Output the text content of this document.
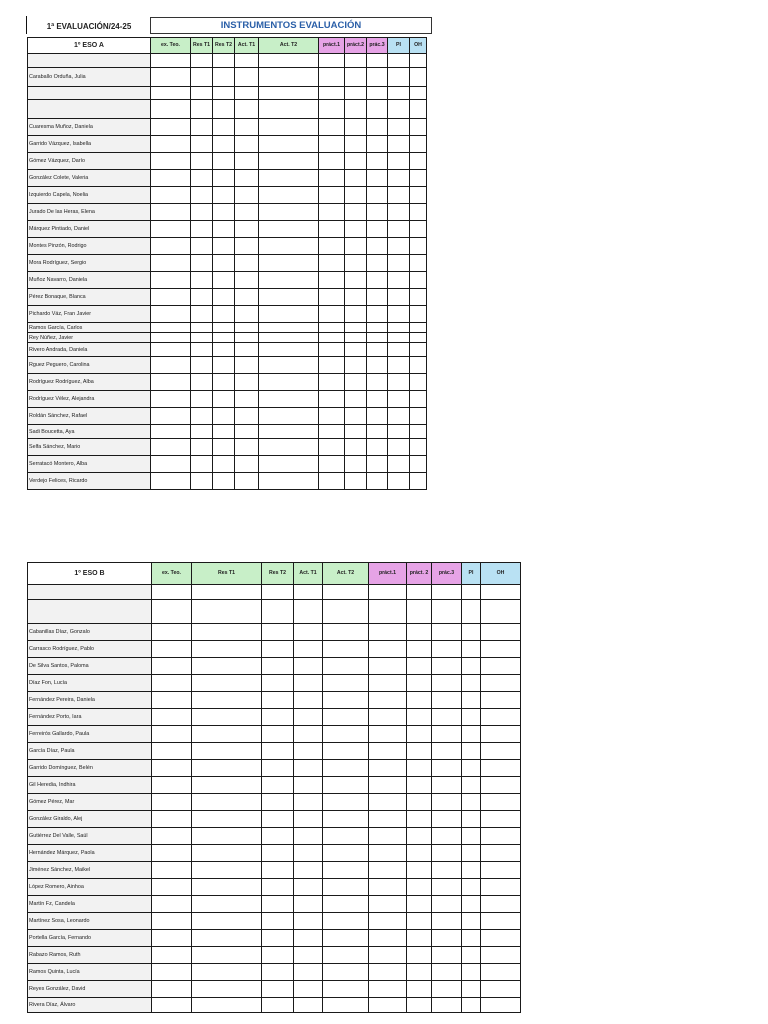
1ª EVALUACIÓN/24-25	INSTRUMENTOS EVALUACIÓN
1º ESO A	ex. Teo.	Res T1	Res T2	Act. T1	Act. T2	práct.1	práct.2	prác.3	PI	OH

Caraballo Orduña, Julia										

Cuaresma Muñoz, Daniela										
Garrido Vázquez, Isabella										
Gómez Vázquez, Darío										
González Colete, Valeria										
Izquierdo Capela, Noelia										
Jurado De las Heras, Elena										
Márquez Pintiado, Daniel										
Montes Pinzón, Rodrigo										
Mora Rodríguez, Sergio										
Muñoz Navarro, Daniela										
Pérez Bonaque, Blanca										
Pichardo Váz, Fran Javier										
Ramos García, Carlos										
Rey Núñez, Javier										
Rivero Andrada, Daniela										
Rguez Peguero, Carolina										
Rodríguez Rodríguez, Alba										
Rodríguez Vélez, Alejandra										
Roldán Sánchez, Rafael										
Sadi Boucetta, Aya										
Selfa Sánchez, Mario										
Serratacó Montero, Alba										
Verdejo Felices, Ricardo										
1º ESO B	ex. Teo.	Res T1	Res T2	Act. T1	Act. T2	práct.1	práct. 2	prác.3	PI	OH

Cabanillas Díaz, Gonzalo										
Carrasco Rodríguez, Pablo										
De Silva Santos, Paloma										
Díaz Fon, Lucía										
Fernández Pereira, Daniela										
Fernández Porto, Iara										
Ferreirós Gallardo, Paula										
García Díaz, Paula										
Garrido Domínguez, Belén										
Gil Heredia, Indhira										
Gómez Pérez, Mar										
González Giraldo, Alej										
Gutiérrez Del Valle, Saúl										
Hernández Márquez, Paola										
Jiménez Sánchez, Maikel										
López Romero, Ainhoa										
Martín Fz, Candela										
Martínez Sosa, Leonardo										
Portella García, Fernando										
Rabazo Ramos, Ruth										
Ramos Quinta, Lucía										
Reyes González, David										
Rivera Díaz, Álvaro										
